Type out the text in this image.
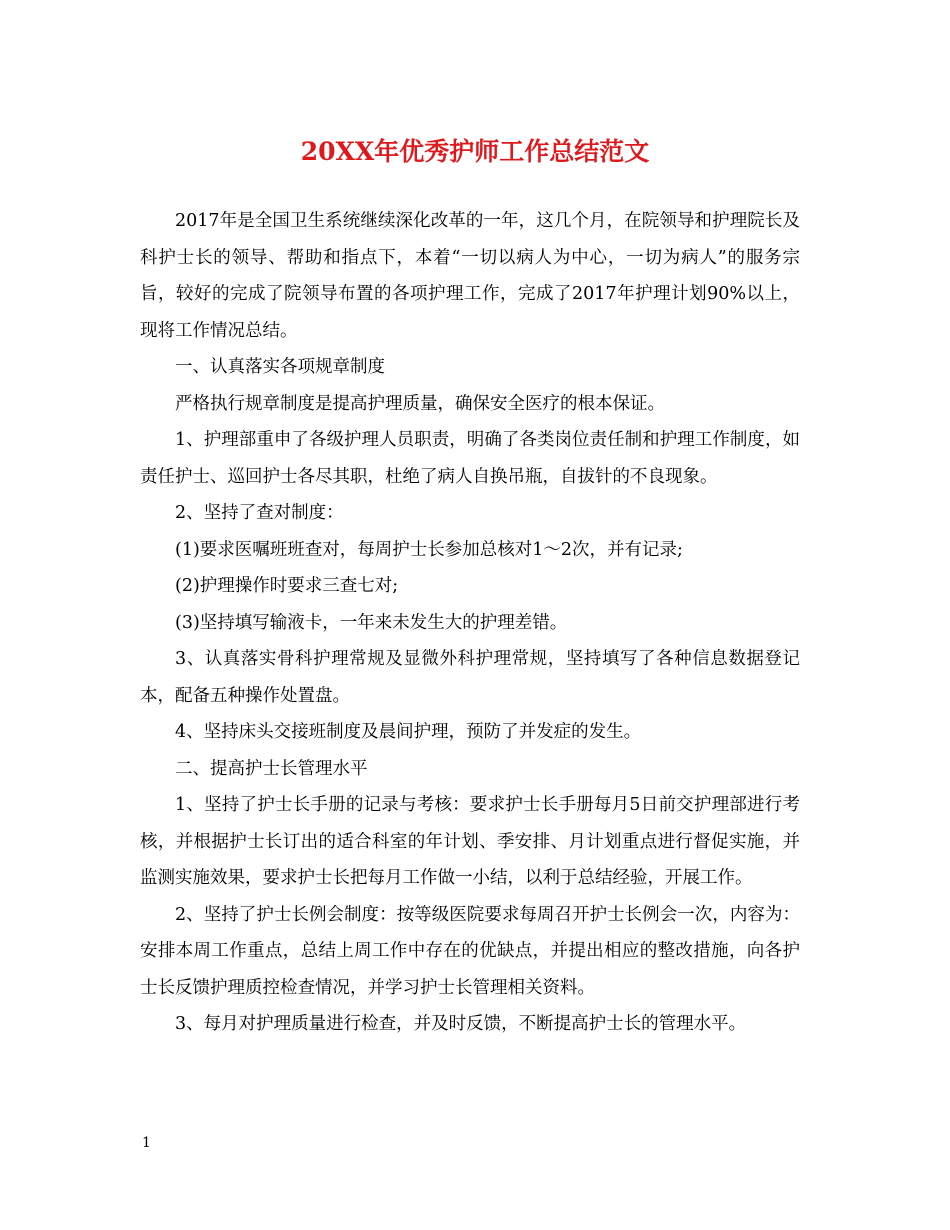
20XX年优秀护师工作总结范文

2017年是全国卫生系统继续深化改革的一年，这几个月，在院领导和护理院长及科护士长的领导、帮助和指点下，本着“一切以病人为中心，一切为病人”的服务宗旨，较好的完成了院领导布置的各项护理工作，完成了2017年护理计划90%以上，现将工作情况总结。

一、认真落实各项规章制度

严格执行规章制度是提高护理质量，确保安全医疗的根本保证。

1、护理部重申了各级护理人员职责，明确了各类岗位责任制和护理工作制度，如责任护士、巡回护士各尽其职，杜绝了病人自换吊瓶，自拔针的不良现象。

2、坚持了查对制度：

(1)要求医嘱班班查对，每周护士长参加总核对1～2次，并有记录;

(2)护理操作时要求三查七对;

(3)坚持填写输液卡，一年来未发生大的护理差错。

3、认真落实骨科护理常规及显微外科护理常规，坚持填写了各种信息数据登记本，配备五种操作处置盘。

4、坚持床头交接班制度及晨间护理，预防了并发症的发生。

二、提高护士长管理水平

1、坚持了护士长手册的记录与考核：要求护士长手册每月5日前交护理部进行考核，并根据护士长订出的适合科室的年计划、季安排、月计划重点进行督促实施，并监测实施效果，要求护士长把每月工作做一小结，以利于总结经验，开展工作。

2、坚持了护士长例会制度：按等级医院要求每周召开护士长例会一次，内容为：安排本周工作重点，总结上周工作中存在的优缺点，并提出相应的整改措施，向各护士长反馈护理质控检查情况，并学习护士长管理相关资料。

3、每月对护理质量进行检查，并及时反馈，不断提高护士长的管理水平。

1
